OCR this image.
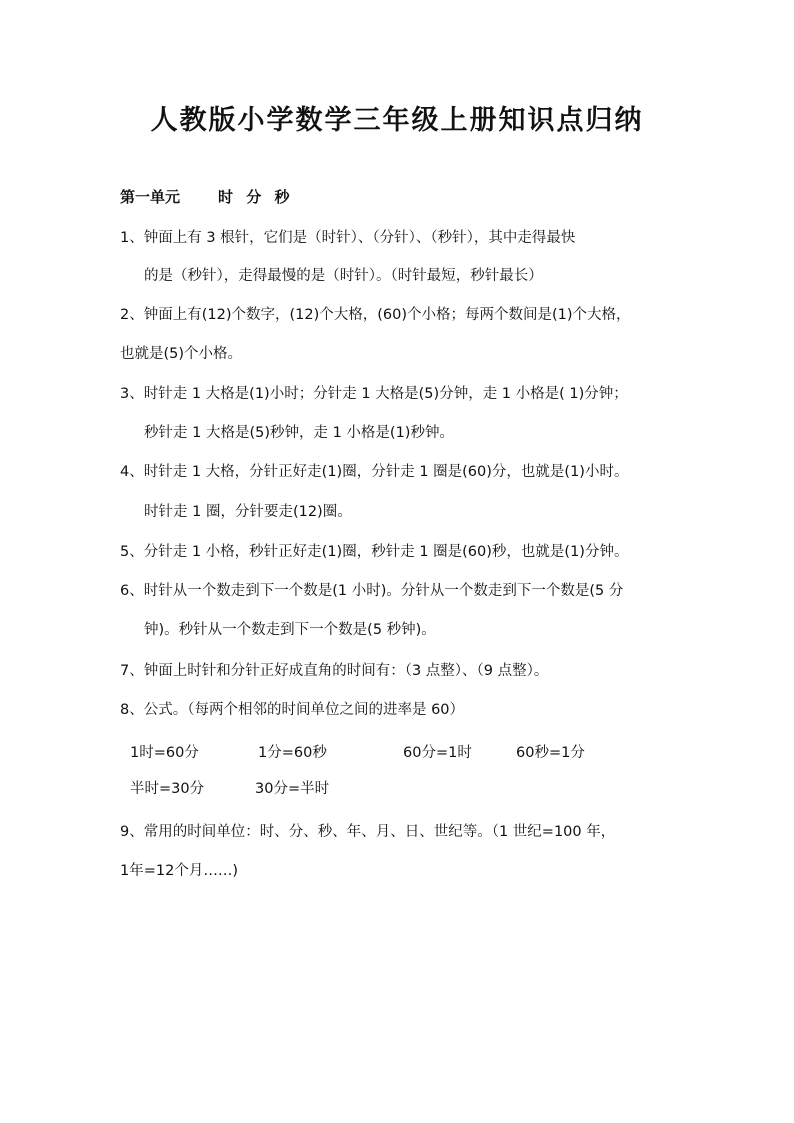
人教版小学数学三年级上册知识点归纳
第一单元	时 分 秒
1、钟面上有 3 根针，它们是（时针）、（分针）、（秒针），其中走得最快
的是（秒针），走得最慢的是（时针）。（时针最短，秒针最长）
2、钟面上有(12)个数字，(12)个大格，(60)个小格；每两个数间是(1)个大格，
也就是(5)个小格。
3、时针走 1 大格是(1)小时；分针走 1 大格是(5)分钟，走 1 小格是( 1)分钟；
秒针走 1 大格是(5)秒钟，走 1 小格是(1)秒钟。
4、时针走 1 大格，分针正好走(1)圈，分针走 1 圈是(60)分，也就是(1)小时。
时针走 1 圈，分针要走(12)圈。
5、分针走 1 小格，秒针正好走(1)圈，秒针走 1 圈是(60)秒，也就是(1)分钟。
6、时针从一个数走到下一个数是(1 小时)。分针从一个数走到下一个数是(5 分
钟)。秒针从一个数走到下一个数是(5 秒钟)。
7、钟面上时针和分针正好成直角的时间有：（3 点整）、（9 点整）。
8、公式。（每两个相邻的时间单位之间的进率是 60）
1时=60分	1分=60秒	60分=1时	60秒=1分
半时=30分	30分=半时
9、常用的时间单位：时、分、秒、年、月、日、世纪等。（1 世纪=100 年，
1年=12个月……)
